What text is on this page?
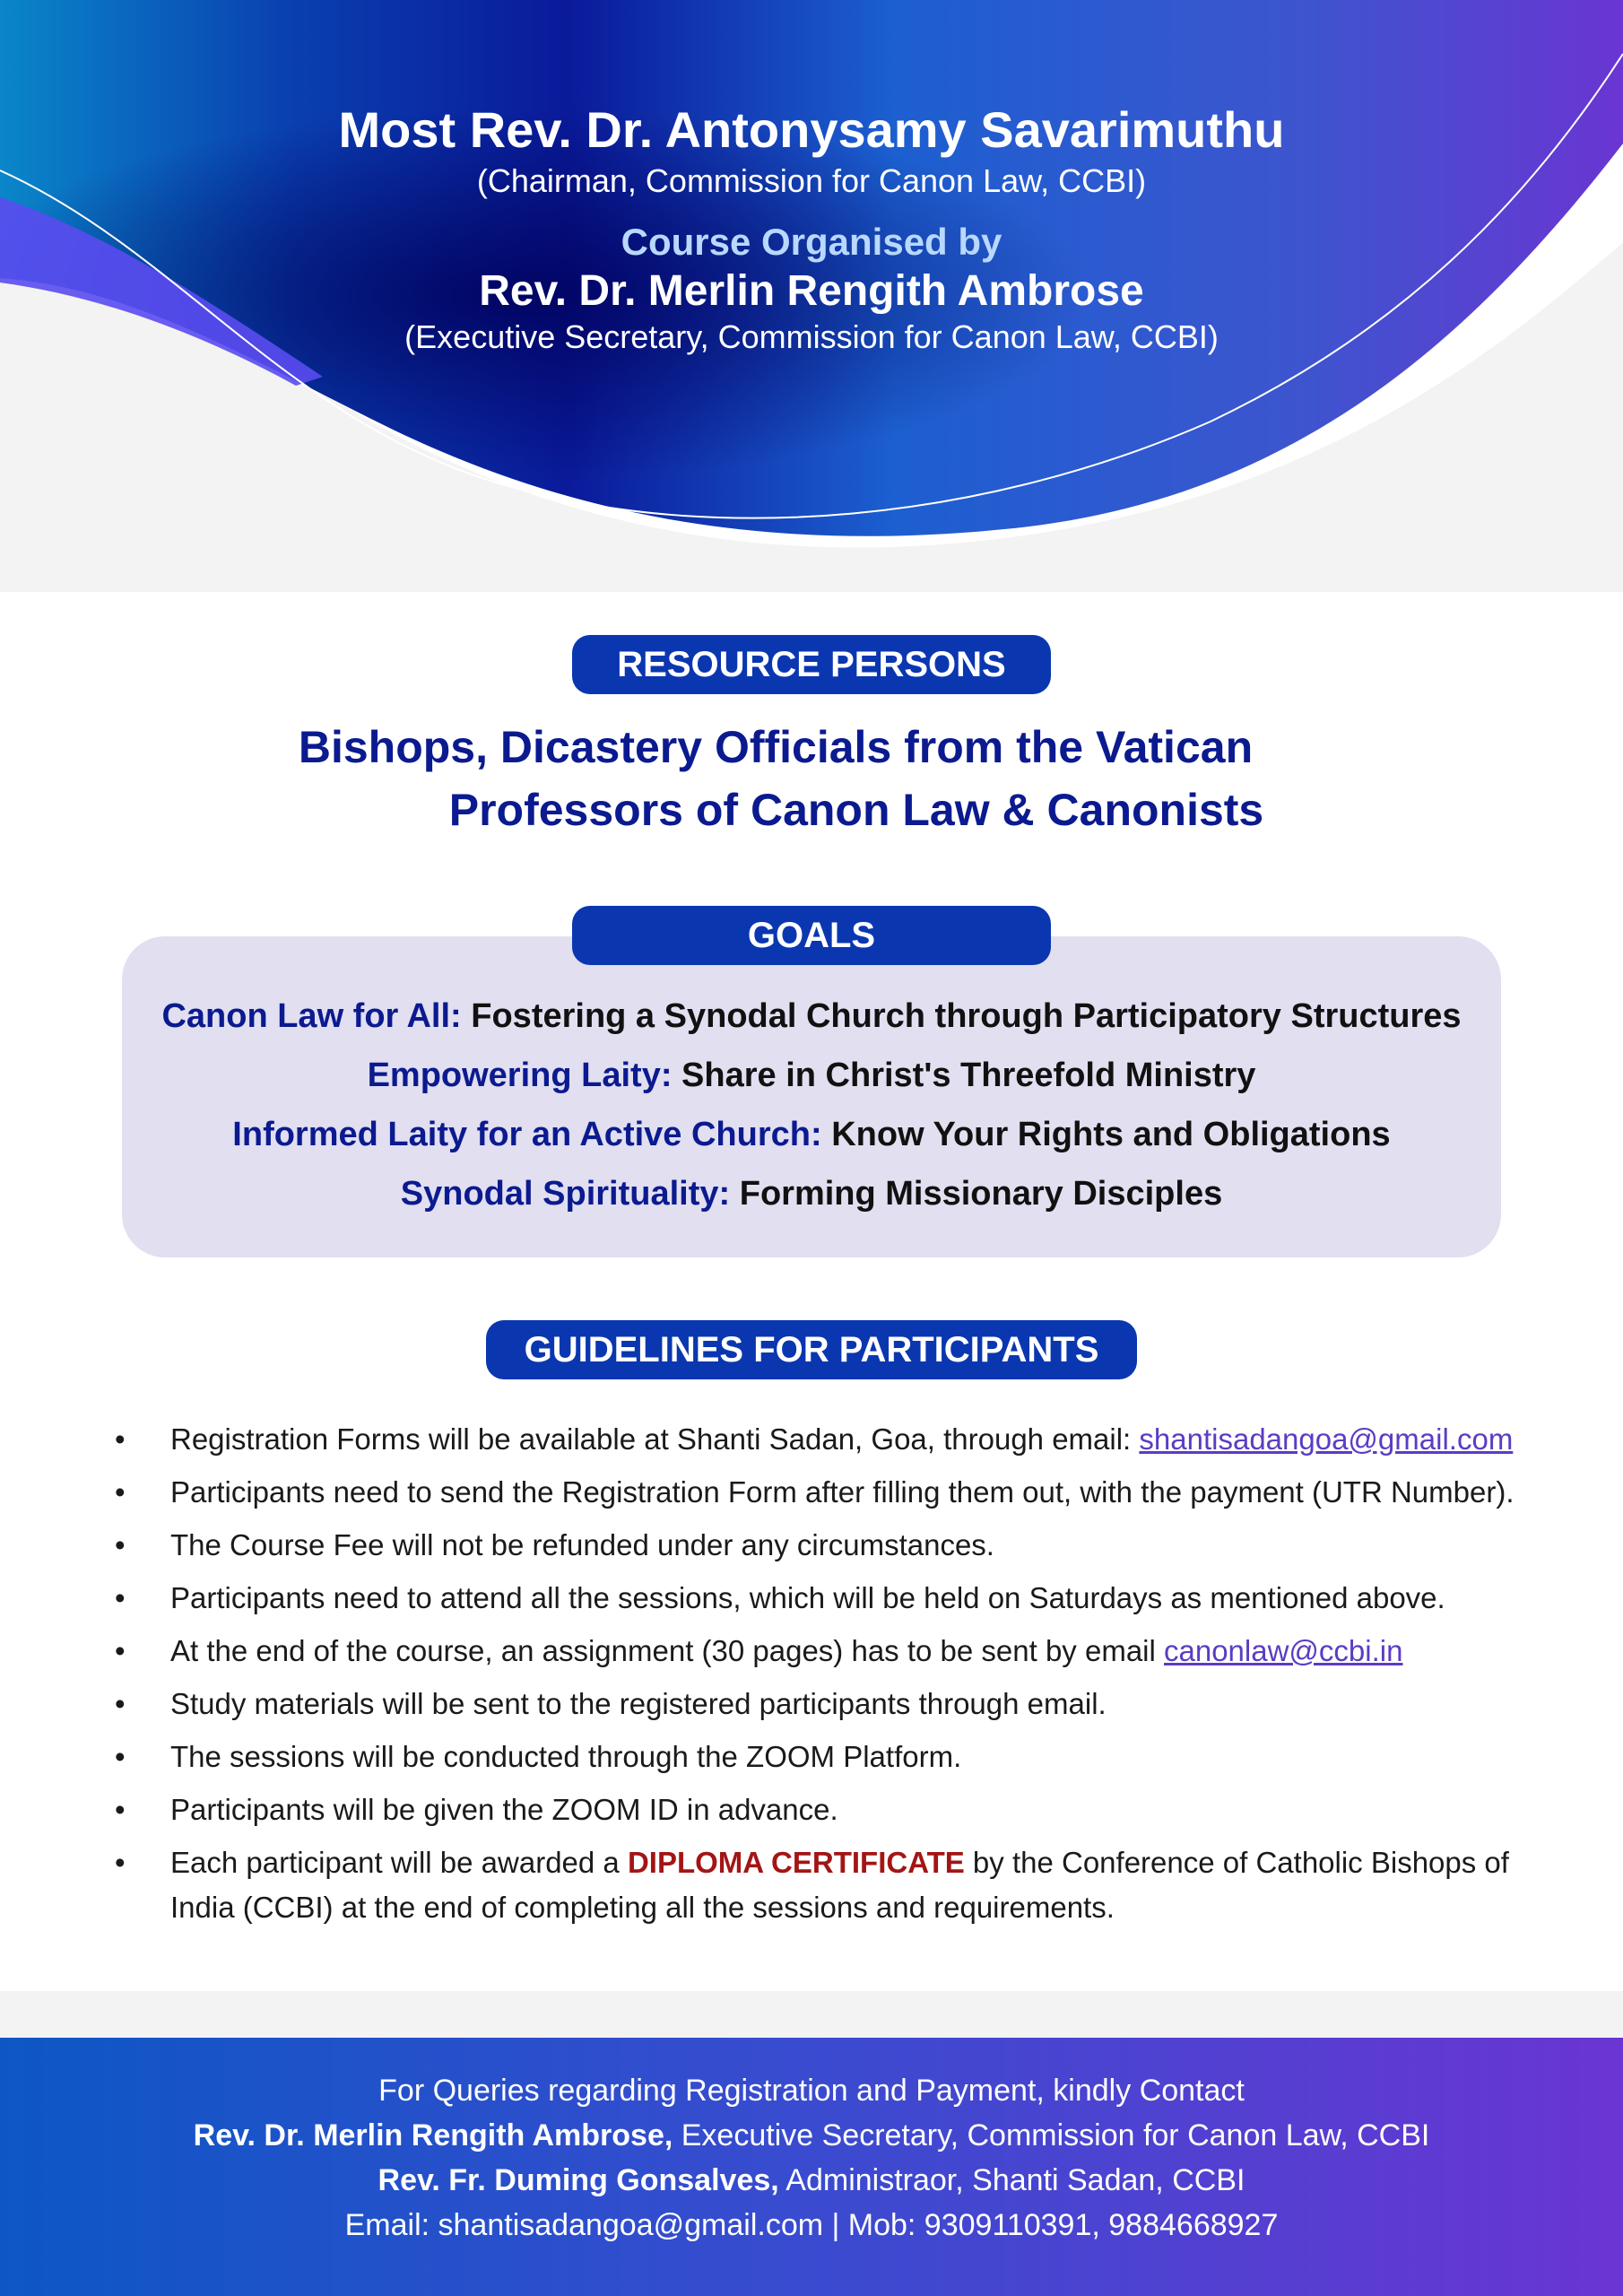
Most Rev. Dr. Antonysamy Savarimuthu
(Chairman, Commission for Canon Law, CCBI)
Course Organised by
Rev. Dr. Merlin Rengith Ambrose
(Executive Secretary, Commission for Canon Law, CCBI)
RESOURCE PERSONS
Bishops, Dicastery Officials from the Vatican
Professors of Canon Law & Canonists
GOALS
Canon Law for All: Fostering a Synodal Church through Participatory Structures
Empowering Laity: Share in Christ's Threefold Ministry
Informed Laity for an Active Church: Know Your Rights and Obligations
Synodal Spirituality: Forming Missionary Disciples
GUIDELINES FOR PARTICIPANTS
• Registration Forms will be available at Shanti Sadan, Goa, through email: shantisadangoa@gmail.com
• Participants need to send the Registration Form after filling them out, with the payment (UTR Number).
• The Course Fee will not be refunded under any circumstances.
• Participants need to attend all the sessions, which will be held on Saturdays as mentioned above.
• At the end of the course, an assignment (30 pages) has to be sent by email canonlaw@ccbi.in
• Study materials will be sent to the registered participants through email.
• The sessions will be conducted through the ZOOM Platform.
• Participants will be given the ZOOM ID in advance.
• Each participant will be awarded a DIPLOMA CERTIFICATE by the Conference of Catholic Bishops of India (CCBI) at the end of completing all the sessions and requirements.
For Queries regarding Registration and Payment, kindly Contact
Rev. Dr. Merlin Rengith Ambrose, Executive Secretary, Commission for Canon Law, CCBI
Rev. Fr. Duming Gonsalves, Administraor, Shanti Sadan, CCBI
Email: shantisadangoa@gmail.com | Mob: 9309110391, 9884668927
